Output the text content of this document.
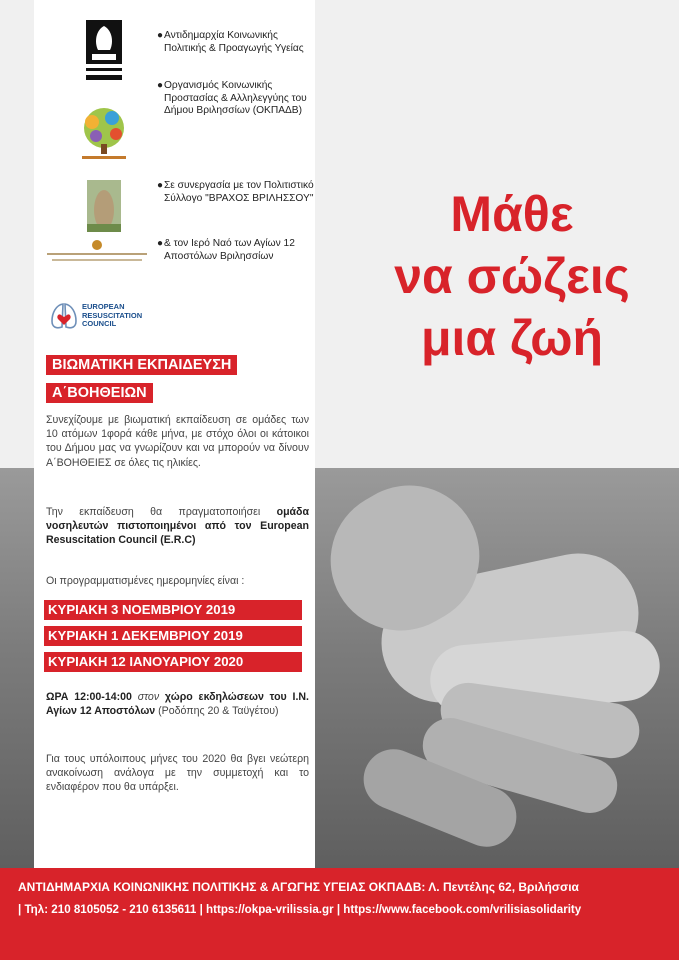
● Αντιδημαρχία Κοινωνικής Πολιτικής & Προαγωγής Υγείας
● Οργανισμός Κοινωνικής Προστασίας & Αλληλεγγύης του Δήμου Βριλησσίων (ΟΚΠΑΔΒ)
● Σε συνεργασία με τον Πολιτιστικό Σύλλογο "ΒΡΑΧΟΣ ΒΡΙΛΗΣΣΟΥ"
● & τον Ιερό Ναό των Αγίων 12 Αποστόλων Βριλησσίων
EUROPEAN
RESUSCITATION
COUNCIL
ΒΙΩΜΑΤΙΚΗ ΕΚΠΑΙΔΕΥΣΗ
Α΄ΒΟΗΘΕΙΩΝ
Συνεχίζουμε με βιωματική εκπαίδευση σε ομάδες των 10 ατόμων 1φορά κάθε μήνα, με στόχο όλοι οι κάτοικοι του Δήμου μας να γνωρίζουν και να μπορούν να δίνουν Α΄ΒΟΗΘΕΙΕΣ σε όλες τις ηλικίες.
Την εκπαίδευση θα πραγματοποιήσει ομάδα νοσηλευτών πιστοποιημένοι από τον European Resuscitation Council (E.R.C)
Οι προγραμματισμένες ημερομηνίες είναι :
ΚΥΡΙΑΚΗ 3 ΝΟΕΜΒΡΙΟΥ 2019
ΚΥΡΙΑΚΗ 1 ΔΕΚΕΜΒΡΙΟΥ 2019
ΚΥΡΙΑΚΗ 12 ΙΑΝΟΥΑΡΙΟΥ 2020
ΩΡΑ 12:00-14:00 στον χώρο εκδηλώσεων του Ι.Ν. Αγίων 12 Αποστόλων (Ροδόπης 20 & Ταϋγέτου)
Για τους υπόλοιπους μήνες του 2020 θα βγει νεώτερη ανακοίνωση ανάλογα με την συμμετοχή και το ενδιαφέρον που θα υπάρξει.
Μάθε
να σώζεις
μια ζωή
ΑΝΤΙΔΗΜΑΡΧΙΑ ΚΟΙΝΩΝΙΚΗΣ ΠΟΛΙΤΙΚΗΣ & ΑΓΩΓΗΣ ΥΓΕΙΑΣ ΟΚΠΑΔΒ: Λ. Πεντέλης 62, Βριλήσσια
| Τηλ: 210 8105052 - 210 6135611 | https://okpa-vrilissia.gr | https://www.facebook.com/vrilisiasolidarity
